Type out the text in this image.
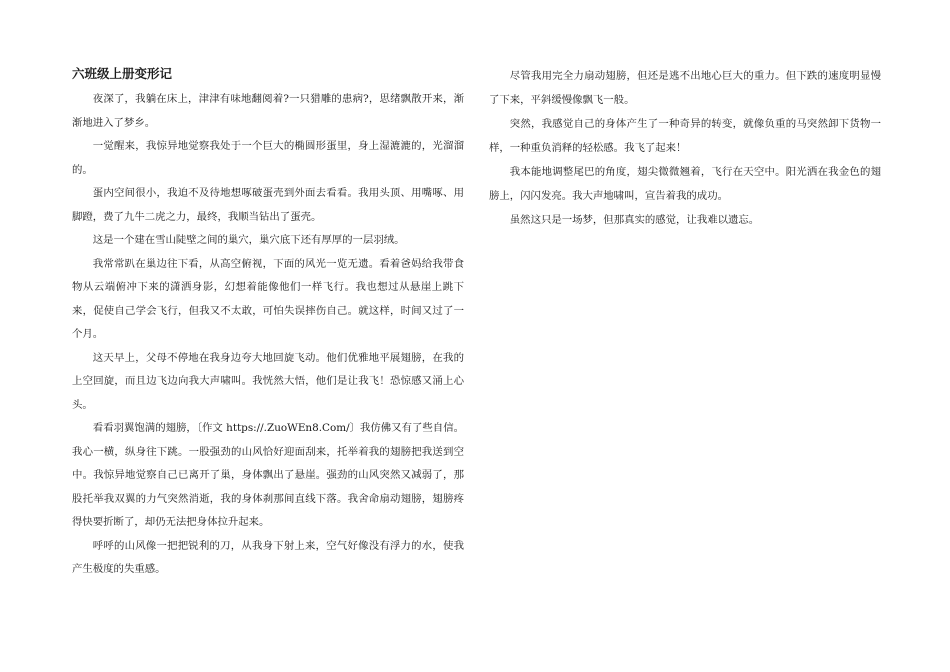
六班级上册变形记

夜深了，我躺在床上，津津有味地翻阅着?一只猎雕的患病?，思绪飘散开来，渐渐地进入了梦乡。

一觉醒来，我惊异地觉察我处于一个巨大的椭圆形蛋里，身上湿漉漉的，光溜溜的。

蛋内空间很小，我迫不及待地想啄破蛋壳到外面去看看。我用头顶、用嘴啄、用脚蹬，费了九牛二虎之力，最终，我顺当钻出了蛋壳。

这是一个建在雪山陡壁之间的巢穴，巢穴底下还有厚厚的一层羽绒。

我常常趴在巢边往下看，从高空俯视，下面的风光一览无遗。看着爸妈给我带食物从云端俯冲下来的潇洒身影，幻想着能像他们一样飞行。我也想过从悬崖上跳下来，促使自己学会飞行，但我又不太敢，可怕失误摔伤自己。就这样，时间又过了一个月。

这天早上，父母不停地在我身边夸大地回旋飞动。他们优雅地平展翅膀，在我的上空回旋，而且边飞边向我大声啸叫。我恍然大悟，他们是让我飞！恐惊感又涌上心头。

看看羽翼饱满的翅膀，〔作文 https://.ZuoWEn8.Com/〕我仿佛又有了些自信。我心一横，纵身往下跳。一股强劲的山风恰好迎面刮来，托举着我的翅膀把我送到空中。我惊异地觉察自己已离开了巢，身体飘出了悬崖。强劲的山风突然又减弱了，那股托举我双翼的力气突然消逝，我的身体刹那间直线下落。我舍命扇动翅膀，翅膀疼得快要折断了，却仍无法把身体拉升起来。

呼呼的山风像一把把锐利的刀，从我身下射上来，空气好像没有浮力的水，使我产生极度的失重感。

尽管我用完全力扇动翅膀，但还是逃不出地心巨大的重力。但下跌的速度明显慢了下来，平斜缓慢像飘飞一般。

突然，我感觉自己的身体产生了一种奇异的转变，就像负重的马突然卸下货物一样，一种重负消释的轻松感。我飞了起来！

我本能地调整尾巴的角度，翅尖微微翘着，飞行在天空中。阳光洒在我金色的翅膀上，闪闪发亮。我大声地啸叫，宣告着我的成功。

虽然这只是一场梦，但那真实的感觉，让我难以遗忘。
